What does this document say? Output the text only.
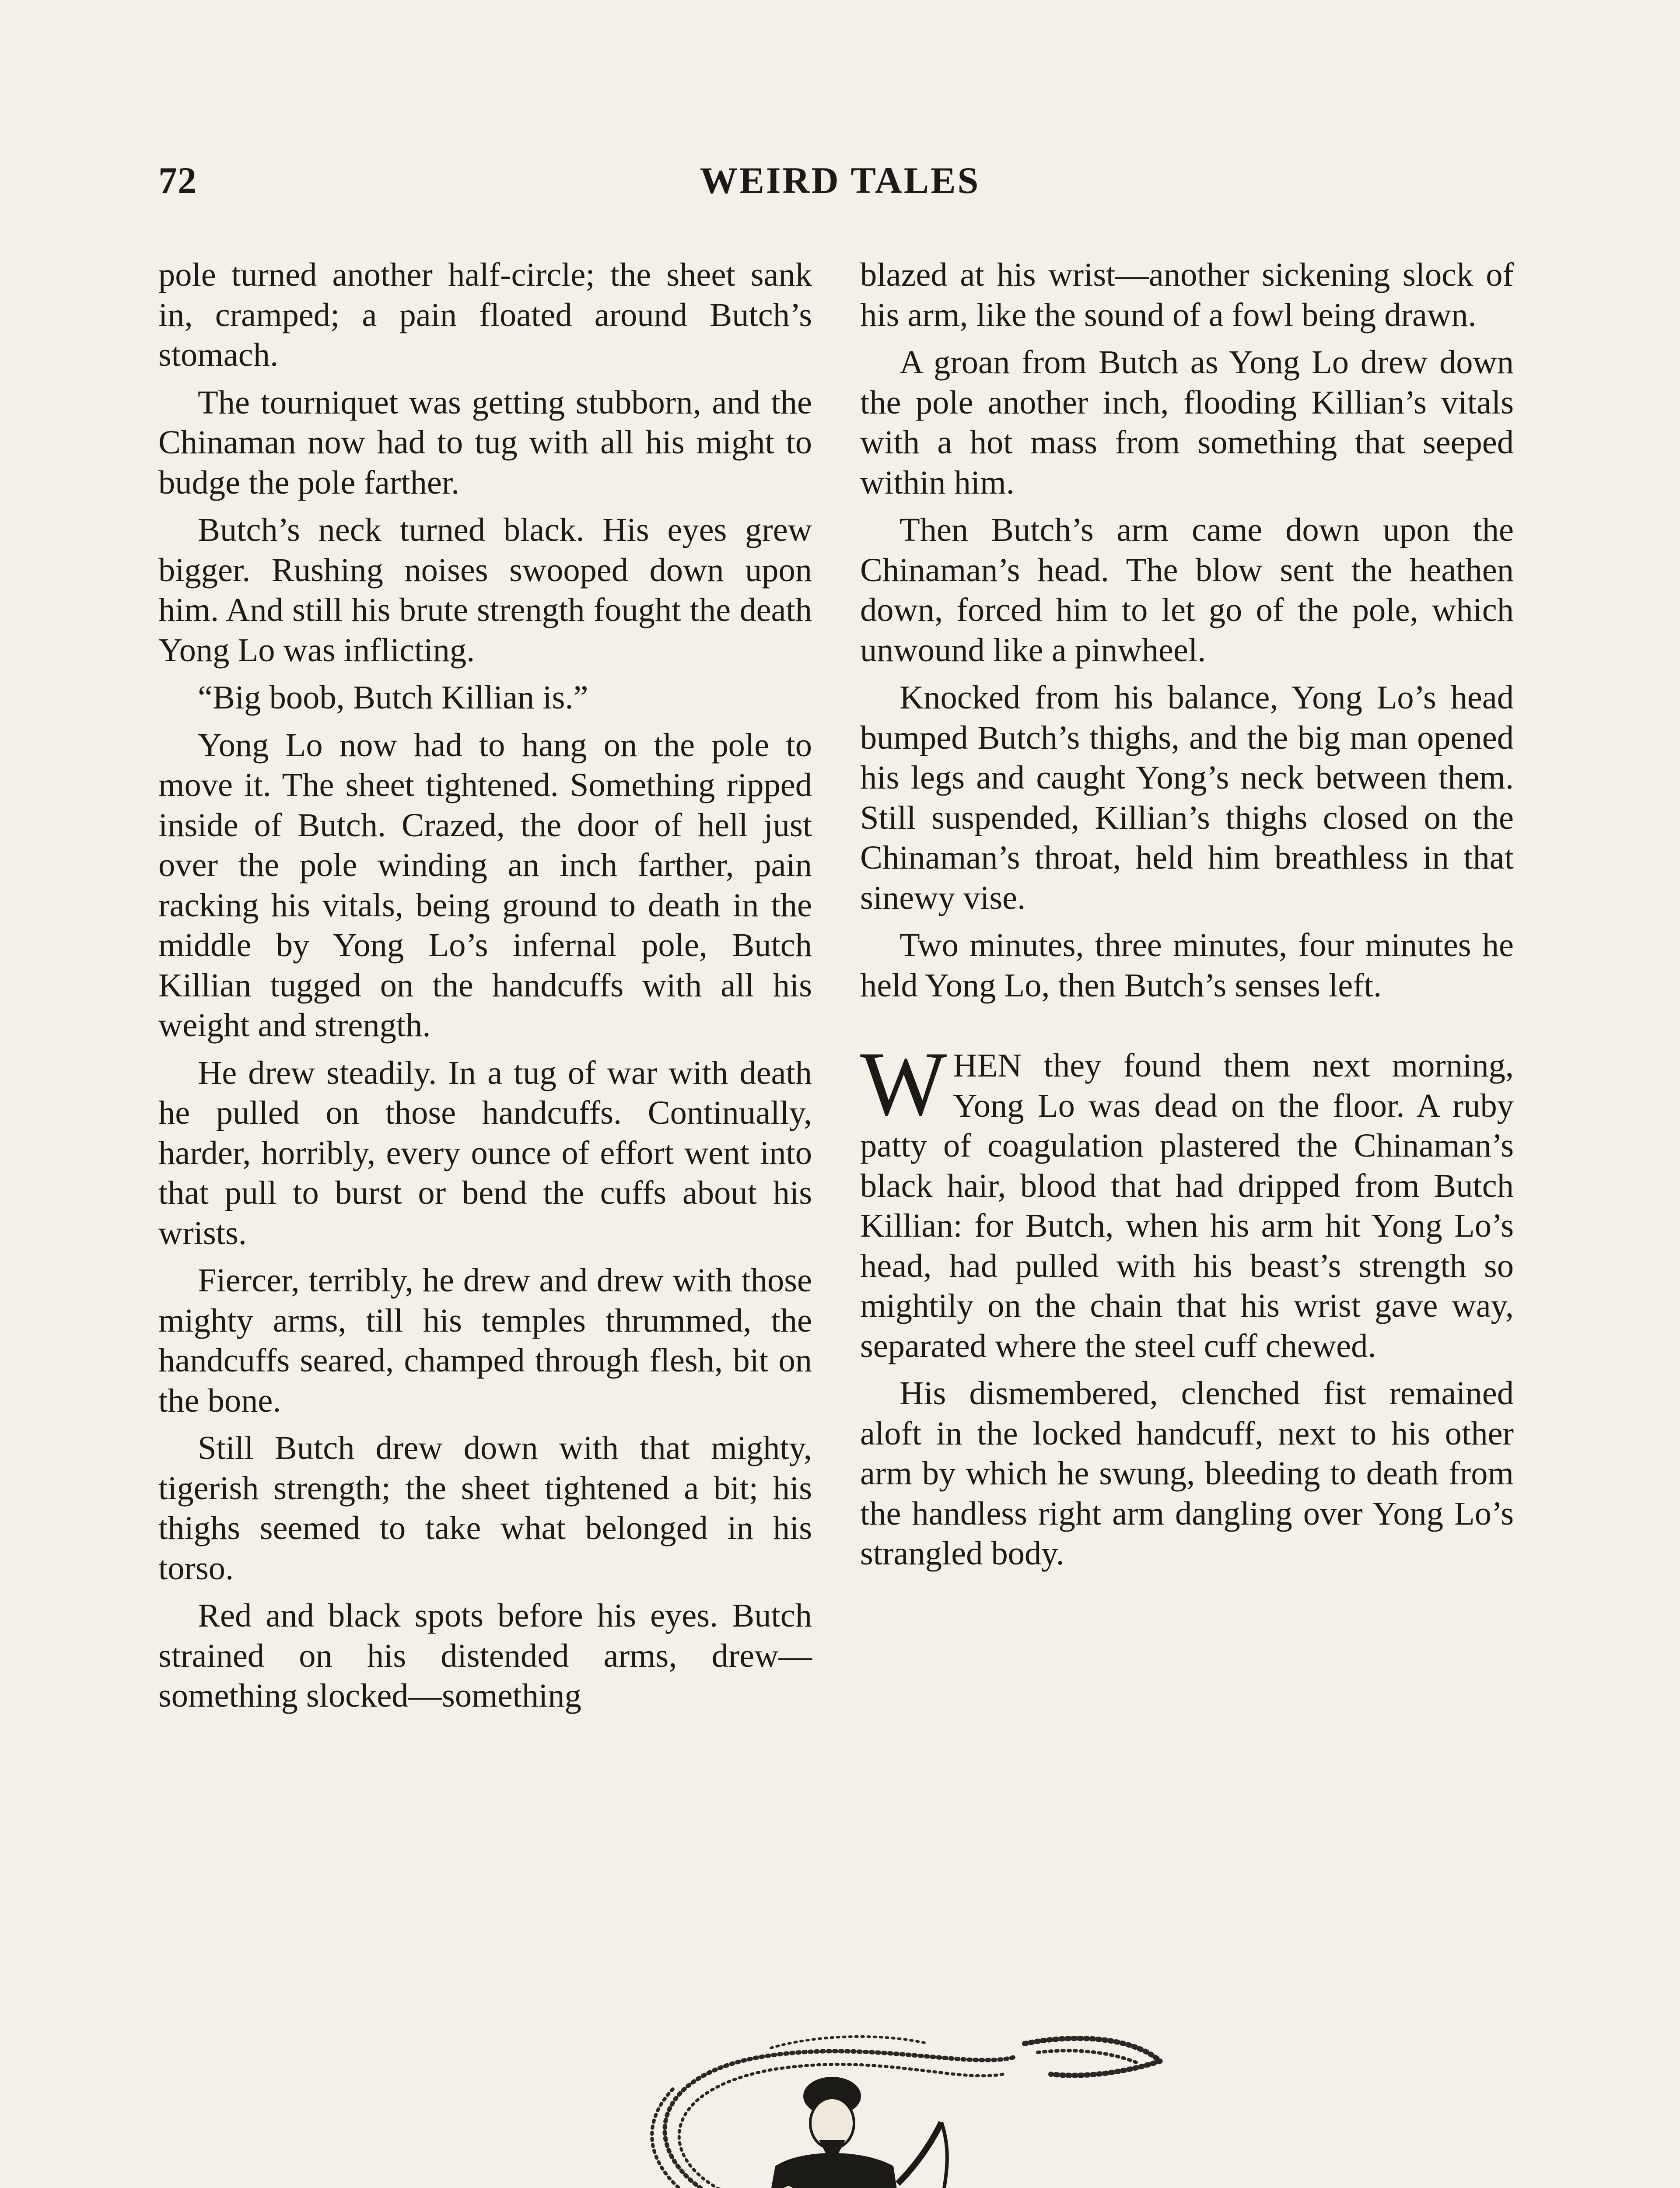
72	WEIRD TALES

pole turned another half-circle; the sheet sank in, cramped; a pain floated around Butch’s stomach.

The tourniquet was getting stubborn, and the Chinaman now had to tug with all his might to budge the pole farther.

Butch’s neck turned black. His eyes grew bigger. Rushing noises swooped down upon him. And still his brute strength fought the death Yong Lo was inflicting.

“Big boob, Butch Killian is.”

Yong Lo now had to hang on the pole to move it. The sheet tightened. Something ripped inside of Butch. Crazed, the door of hell just over the pole winding an inch farther, pain racking his vitals, being ground to death in the middle by Yong Lo’s infernal pole, Butch Killian tugged on the handcuffs with all his weight and strength.

He drew steadily. In a tug of war with death he pulled on those handcuffs. Continually, harder, horribly, every ounce of effort went into that pull to burst or bend the cuffs about his wrists.

Fiercer, terribly, he drew and drew with those mighty arms, till his temples thrummed, the handcuffs seared, champed through flesh, bit on the bone.

Still Butch drew down with that mighty, tigerish strength; the sheet tightened a bit; his thighs seemed to take what belonged in his torso.

Red and black spots before his eyes. Butch strained on his distended arms, drew—something slocked—something

blazed at his wrist—another sickening slock of his arm, like the sound of a fowl being drawn.

A groan from Butch as Yong Lo drew down the pole another inch, flooding Killian’s vitals with a hot mass from something that seeped within him.

Then Butch’s arm came down upon the Chinaman’s head. The blow sent the heathen down, forced him to let go of the pole, which unwound like a pinwheel.

Knocked from his balance, Yong Lo’s head bumped Butch’s thighs, and the big man opened his legs and caught Yong’s neck between them. Still suspended, Killian’s thighs closed on the Chinaman’s throat, held him breathless in that sinewy vise.

Two minutes, three minutes, four minutes he held Yong Lo, then Butch’s senses left.

WHEN they found them next morning, Yong Lo was dead on the floor. A ruby patty of coagulation plastered the Chinaman’s black hair, blood that had dripped from Butch Killian: for Butch, when his arm hit Yong Lo’s head, had pulled with his beast’s strength so mightily on the chain that his wrist gave way, separated where the steel cuff chewed.

His dismembered, clenched fist remained aloft in the locked handcuff, next to his other arm by which he swung, bleeding to death from the handless right arm dangling over Yong Lo’s strangled body.
